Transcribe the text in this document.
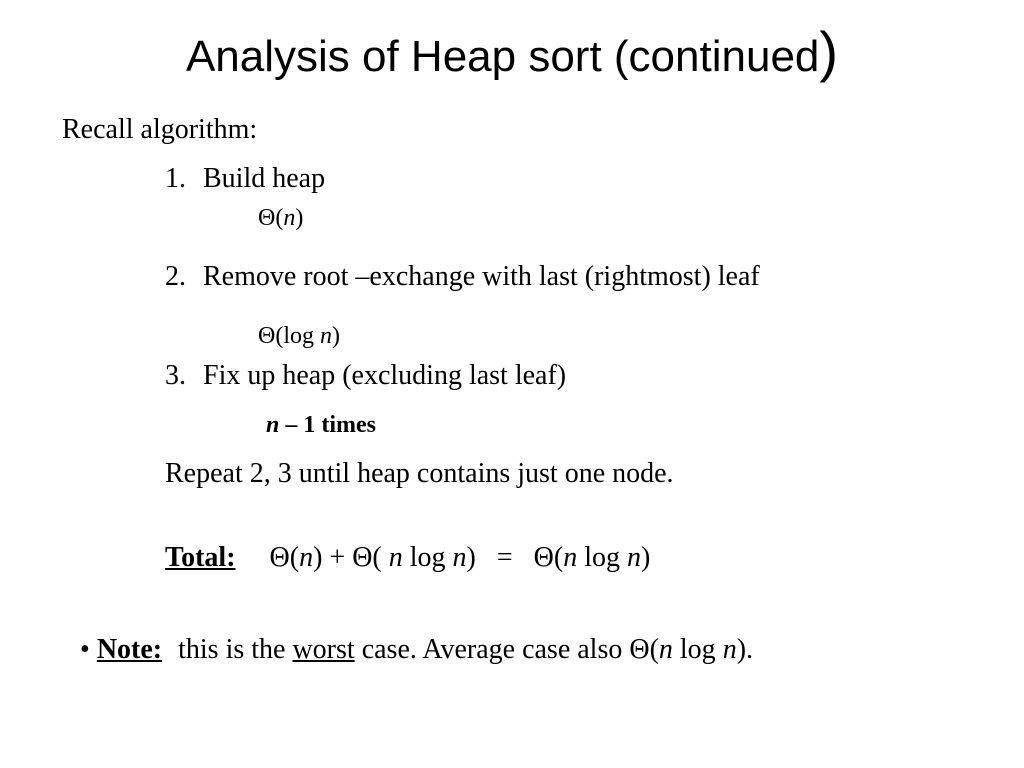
Analysis of Heap sort (continued)
Recall algorithm:
1. Build heap
Θ(n)
2. Remove root –exchange with last (rightmost) leaf
Θ(log n)
3. Fix up heap (excluding last leaf)
n – 1 times
Repeat 2, 3 until heap contains just one node.
Total: Θ(n) + Θ( n log n)   =   Θ(n log n)
• Note: this is the worst case. Average case also Θ(n log n).
